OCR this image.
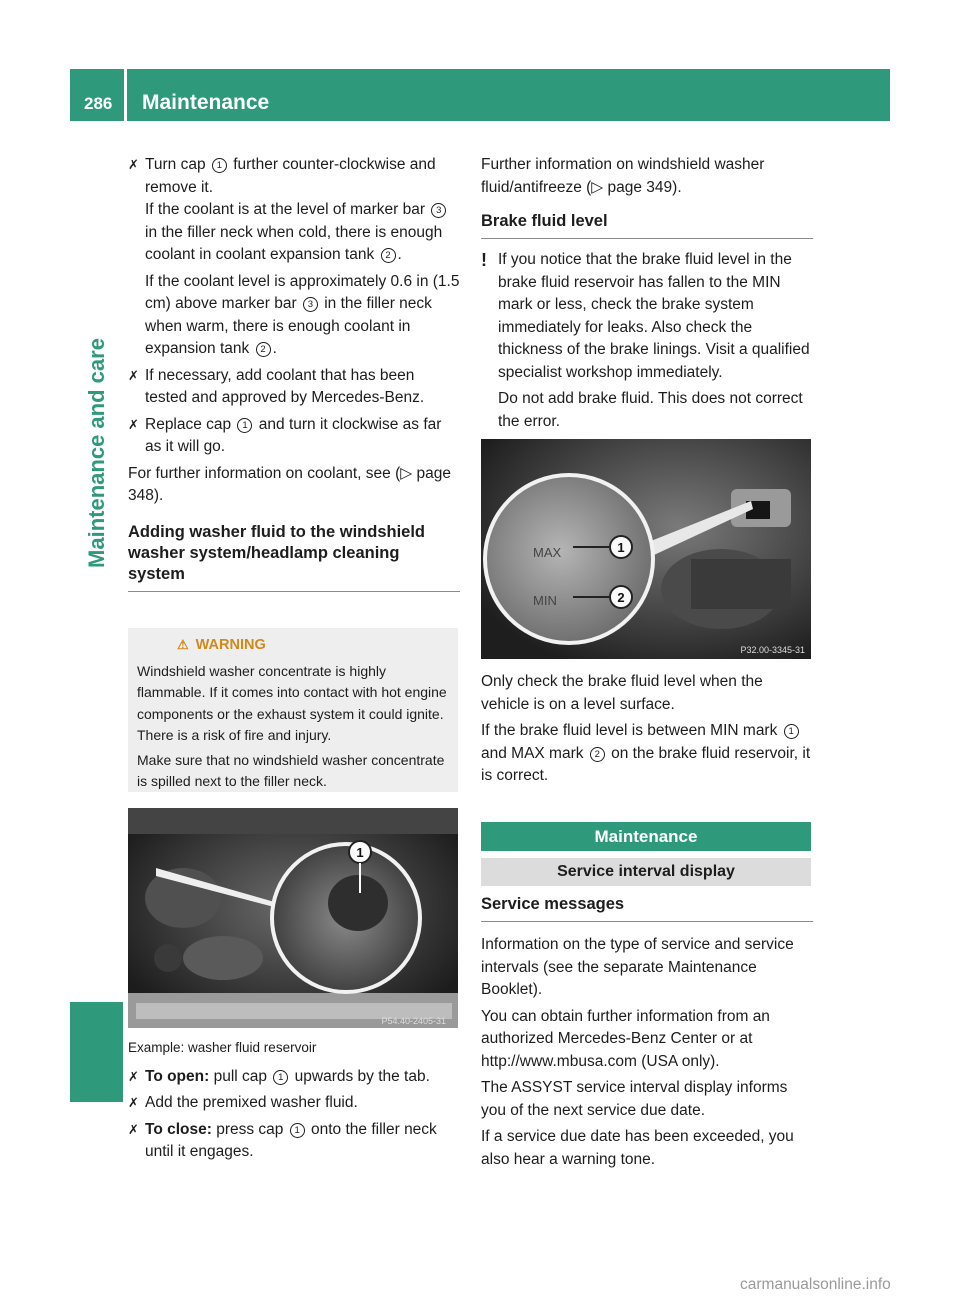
286 Maintenance
Maintenance and care
✗ Turn cap 1 further counter-clockwise and remove it.
If the coolant is at the level of marker bar 3 in the filler neck when cold, there is enough coolant in coolant expansion tank 2 .
If the coolant level is approximately 0.6 in (1.5 cm) above marker bar 3 in the filler neck when warm, there is enough coolant in expansion tank 2 .
✗ If necessary, add coolant that has been tested and approved by Mercedes-Benz.
✗ Replace cap 1 and turn it clockwise as far as it will go.

For further information on coolant, see (▷ page 348).

Adding washer fluid to the windshield washer system/headlamp cleaning system
⚠ WARNING

Windshield washer concentrate is highly flammable. If it comes into contact with hot engine components or the exhaust system it could ignite. There is a risk of fire and injury.

Make sure that no windshield washer concentrate is spilled next to the filler neck.

1
P54.40-2405-31

Example: washer fluid reservoir

✗ To open: pull cap 1 upwards by the tab.
✗ Add the premixed washer fluid.
✗ To close: press cap 1 onto the filler neck until it engages.

Further information on windshield washer fluid/antifreeze (▷ page 349).

Brake fluid level
! If you notice that the brake fluid level in the brake fluid reservoir has fallen to the MIN mark or less, check the brake system immediately for leaks. Also check the thickness of the brake linings. Visit a qualified specialist workshop immediately.

Do not add brake fluid. This does not correct the error.

MAX
MIN
1
2
P32.00-3345-31

Only check the brake fluid level when the vehicle is on a level surface.

If the brake fluid level is between MIN mark 1 and MAX mark 2 on the brake fluid reservoir, it is correct.

Maintenance
Service interval display
Service messages

Information on the type of service and service intervals (see the separate Maintenance Booklet).

You can obtain further information from an authorized Mercedes-Benz Center or at http://www.mbusa.com (USA only).

The ASSYST service interval display informs you of the next service due date.

If a service due date has been exceeded, you also hear a warning tone.

carmanualsonline.info
